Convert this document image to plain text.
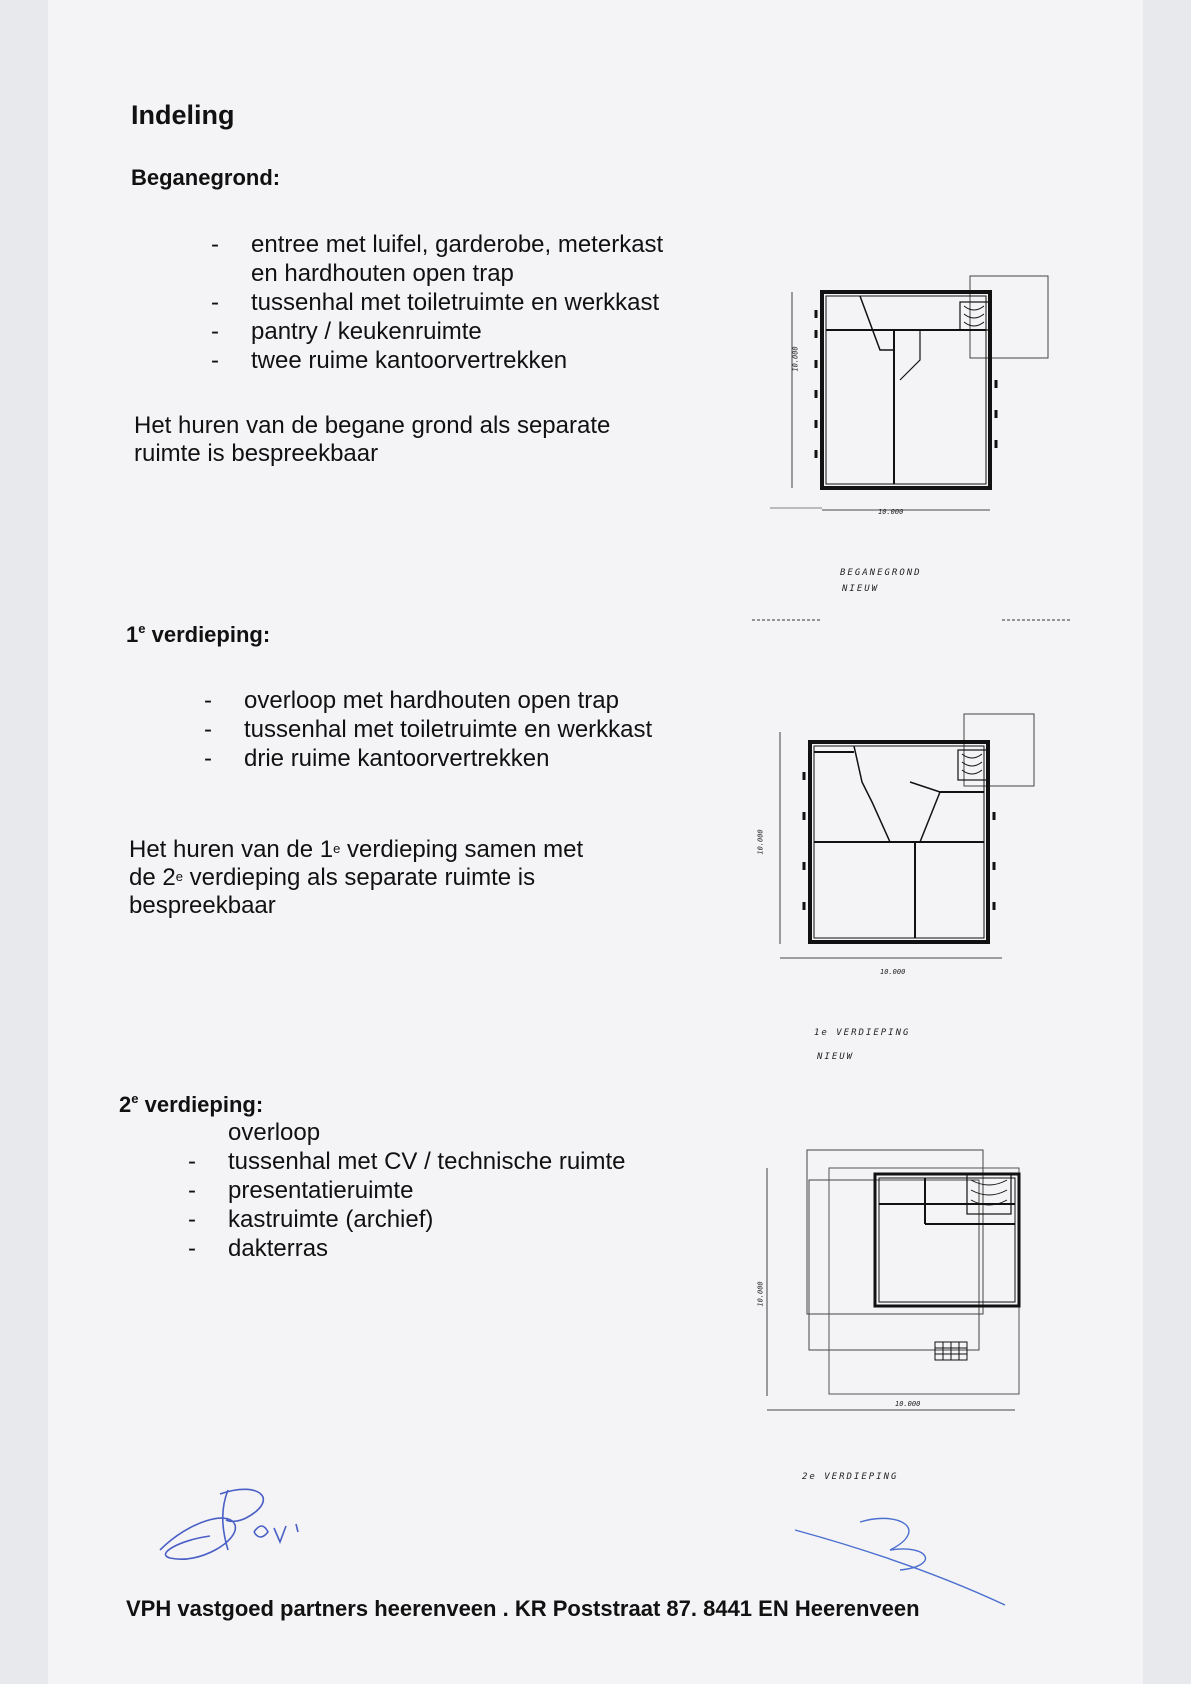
Indeling
Beganegrond:
- entree met luifel, garderobe, meterkast
en hardhouten open trap
- tussenhal met toiletruimte en werkkast
- pantry / keukenruimte
- twee ruime kantoorvertrekken
Het huren van de begane grond als separate
ruimte is bespreekbaar
10.000
10.000
BEGANEGROND
NIEUW
1e verdieping:
- overloop met hardhouten open trap
- tussenhal met toiletruimte en werkkast
- drie ruime kantoorvertrekken
Het huren van de 1e verdieping samen met
de 2e verdieping als separate ruimte is
bespreekbaar
10.000
10.000
1e VERDIEPING
NIEUW
2e verdieping:
overloop
- tussenhal met CV / technische ruimte
- presentatieruimte
- kastruimte (archief)
- dakterras
10.000
10.000
2e VERDIEPING
VPH vastgoed partners heerenveen . KR Poststraat 87. 8441 EN Heerenveen
